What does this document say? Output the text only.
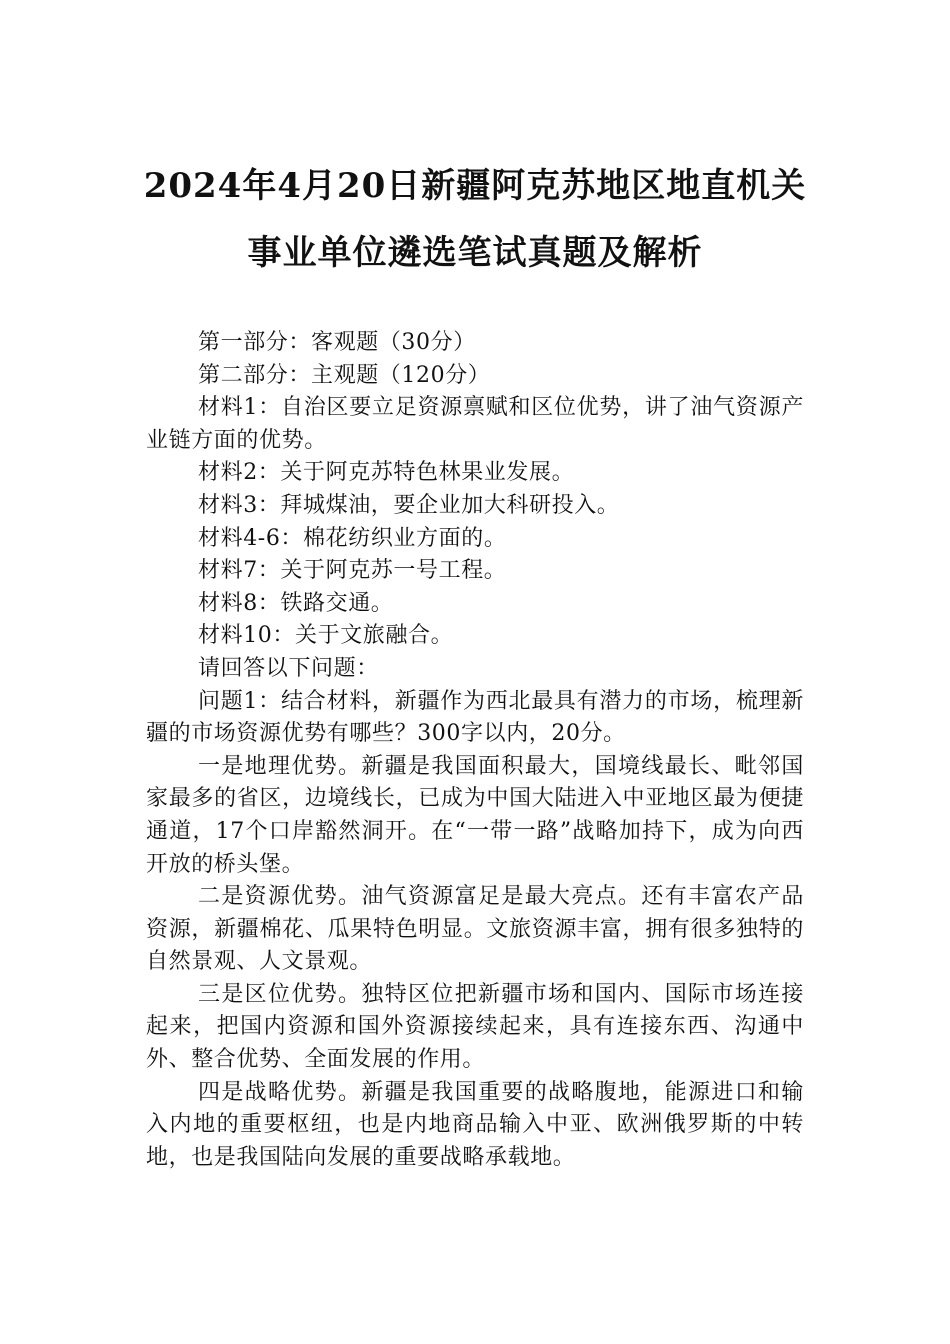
2024年4月20日新疆阿克苏地区地直机关
事业单位遴选笔试真题及解析

第一部分：客观题（30分）

第二部分：主观题（120分）

材料1：自治区要立足资源禀赋和区位优势，讲了油气资源产业链方面的优势。

材料2：关于阿克苏特色林果业发展。

材料3：拜城煤油，要企业加大科研投入。

材料4-6：棉花纺织业方面的。

材料7：关于阿克苏一号工程。

材料8：铁路交通。

材料10：关于文旅融合。

请回答以下问题：

问题1：结合材料，新疆作为西北最具有潜力的市场，梳理新疆的市场资源优势有哪些？300字以内，20分。

一是地理优势。新疆是我国面积最大，国境线最长、毗邻国家最多的省区，边境线长，已成为中国大陆进入中亚地区最为便捷通道，17个口岸豁然洞开。在“一带一路”战略加持下，成为向西开放的桥头堡。

二是资源优势。油气资源富足是最大亮点。还有丰富农产品资源，新疆棉花、瓜果特色明显。文旅资源丰富，拥有很多独特的自然景观、人文景观。

三是区位优势。独特区位把新疆市场和国内、国际市场连接起来，把国内资源和国外资源接续起来，具有连接东西、沟通中外、整合优势、全面发展的作用。

四是战略优势。新疆是我国重要的战略腹地，能源进口和输入内地的重要枢纽，也是内地商品输入中亚、欧洲俄罗斯的中转地，也是我国陆向发展的重要战略承载地。
